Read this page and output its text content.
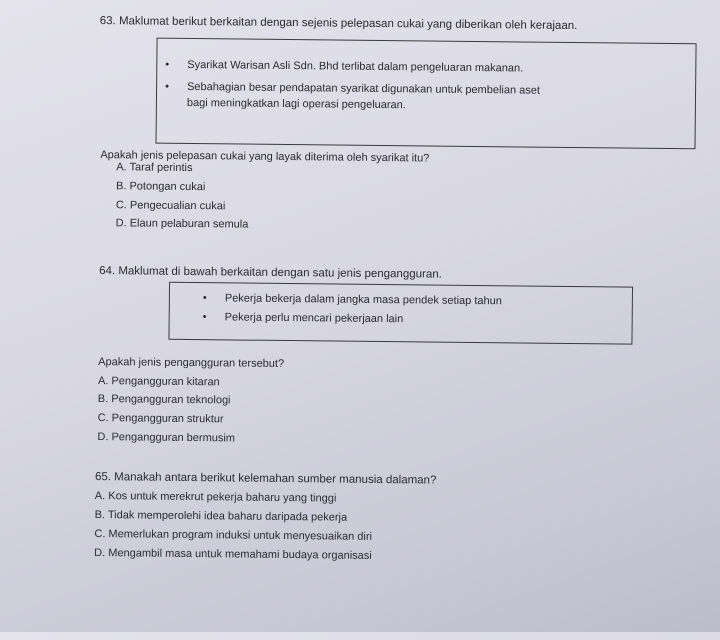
63. Maklumat berikut berkaitan dengan sejenis pelepasan cukai yang diberikan oleh kerajaan.
• Syarikat Warisan Asli Sdn. Bhd terlibat dalam pengeluaran makanan.
• Sebahagian besar pendapatan syarikat digunakan untuk pembelian aset
bagi meningkatkan lagi operasi pengeluaran.
Apakah jenis pelepasan cukai yang layak diterima oleh syarikat itu?
A. Taraf perintis
B. Potongan cukai
C. Pengecualian cukai
D. Elaun pelaburan semula
64. Maklumat di bawah berkaitan dengan satu jenis pengangguran.
• Pekerja bekerja dalam jangka masa pendek setiap tahun
• Pekerja perlu mencari pekerjaan lain
Apakah jenis pengangguran tersebut?
A. Pengangguran kitaran
B. Pengangguran teknologi
C. Pengangguran struktur
D. Pengangguran bermusim
65. Manakah antara berikut kelemahan sumber manusia dalaman?
A. Kos untuk merekrut pekerja baharu yang tinggi
B. Tidak memperolehi idea baharu daripada pekerja
C. Memerlukan program induksi untuk menyesuaikan diri
D. Mengambil masa untuk memahami budaya organisasi
